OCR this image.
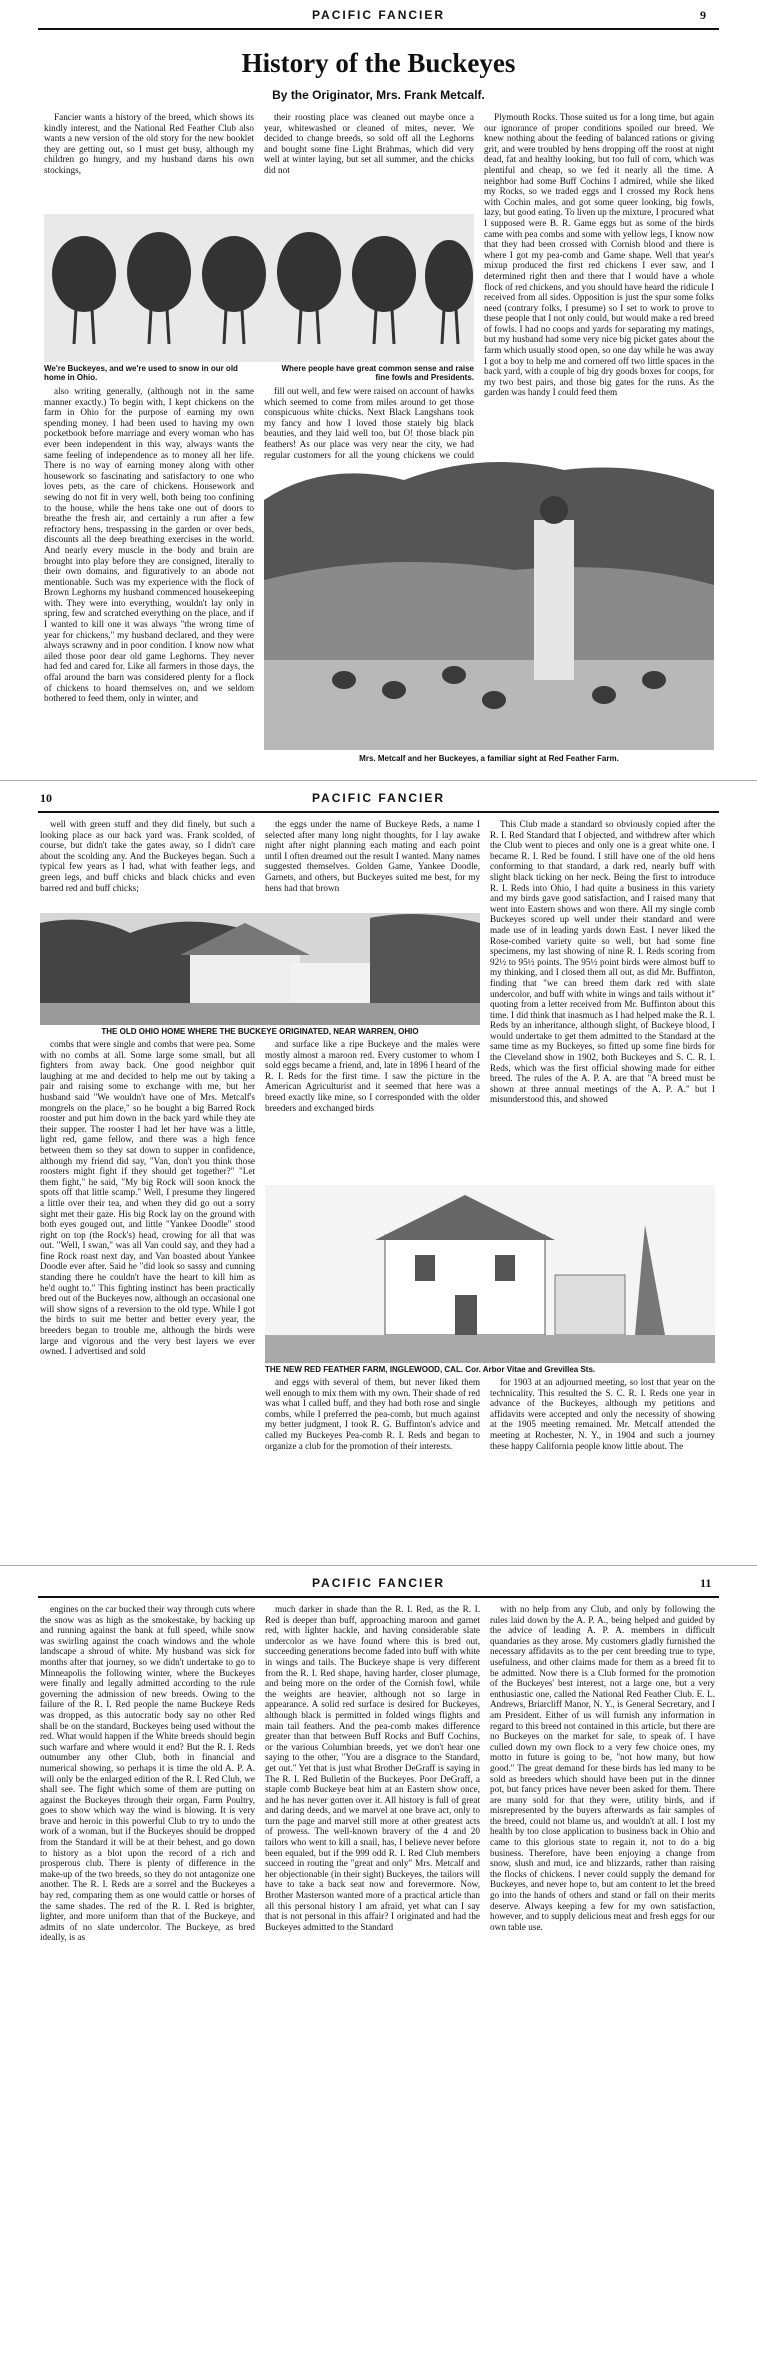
PACIFIC FANCIER	9
History of the Buckeyes
By the Originator, Mrs. Frank Metcalf.

Fancier wants a history of the breed, which shows its kindly interest, and the National Red Feather Club also wants a new version of the old story for the new booklet they are getting out, so I must get busy, although my children go hungry, and my husband darns his own stockings,

their roosting place was cleaned out maybe once a year, whitewashed or cleaned of mites, never. We decided to change breeds, so sold off all the Leghorns and bought some fine Light Brahmas, which did very well at winter laying, but set all summer, and the chicks did not

Plymouth Rocks. Those suited us for a long time, but again our ignorance of proper conditions spoiled our breed. We knew nothing about the feeding of balanced rations or giving grit, and were troubled by hens dropping off the roost at night dead, fat and healthy looking, but too full of corn, which was plentiful and cheap, so we fed it nearly all the time. A neighbor had some Buff Cochins I admired, while she liked my Rocks, so we traded eggs and I crossed my Rock hens with Cochin males, and got some queer looking, big fowls, lazy, but good eating. To liven up the mixture, I procured what I supposed were B. R. Game eggs but as some of the birds came with pea combs and some with yellow legs, I know now that they had been crossed with Cornish blood and there is where I got my pea-comb and Game shape. Well that year's mixup produced the first red chickens I ever saw, and I determined right then and there that I would have a whole flock of red chickens, and you should have heard the ridicule I received from all sides. Opposition is just the spur some folks need (contrary folks, I presume) so I set to work to prove to these people that I not only could, but would make a red breed of fowls. I had no coops and yards for separating my matings, but my husband had some very nice big picket gates about the farm which usually stood open, so one day while he was away I got a boy to help me and cornered off two little spaces in the back yard, with a couple of big dry goods boxes for coops, for my two best pairs, and those big gates for the runs. As the garden was handy I could feed them

We're Buckeyes, and we're used to snow in our old home in Ohio.
Where people have great common sense and raise fine fowls and Presidents.

also writing generally, (although not in the same manner exactly.) To begin with, I kept chickens on the farm in Ohio for the purpose of earning my own spending money. I had been used to having my own pocketbook before marriage and every woman who has ever been independent in this way, always wants the same feeling of independence as to money all her life. There is no way of earning money along with other housework so fascinating and satisfactory to one who loves pets, as the care of chickens. Housework and sewing do not fit in very well, both being too confining to the house, while the hens take one out of doors to breathe the fresh air, and certainly a run after a few refractory hens, trespassing in the garden or over beds, discounts all the deep breathing exercises in the world. And nearly every muscle in the body and brain are brought into play before they are consigned, literally to their own domains, and figuratively to an abode not mentionable. Such was my experience with the flock of Brown Leghorns my husband commenced housekeeping with. They were into everything, wouldn't lay only in spring, few and scratched everything on the place, and if I wanted to kill one it was always "the wrong time of year for chickens," my husband declared, and they were always scrawny and in poor condition. I know now what ailed those poor dear old game Leghorns. They never had fed and cared for. Like all farmers in those days, the offal around the barn was considered plenty for a flock of chickens to hoard themselves on, and we seldom bothered to feed them, only in winter, and

fill out well, and few were raised on account of hawks which seemed to come from miles around to get those conspicuous white chicks. Next Black Langshans took my fancy and how I loved those stately big black beauties, and they laid well too, but O! those black pin feathers! As our place was very near the city, we had regular customers for all the young chickens we could

Mrs. Metcalf and her Buckeyes, a familiar sight at Red Feather Farm.
10	PACIFIC FANCIER

well with green stuff and they did finely, but such a looking place as our back yard was. Frank scolded, of course, but didn't take the gates away, so I didn't care about the scolding any. And the Buckeyes began. Such a typical few years as I had, what with feather legs, and green legs, and buff chicks and black chicks and even barred red and buff chicks;

the eggs under the name of Buckeye Reds, a name I selected after many long night thoughts, for I lay awake night after night planning each mating and each point until I often dreamed out the result I wanted. Many names suggested themselves. Golden Game, Yankee Doodle, Garnets, and others, but Buckeyes suited me best, for my hens had that brown

This Club made a standard so obviously copied after the R. I. Red Standard that I objected, and withdrew after which the Club went to pieces and only one is a great white one. I became R. I. Red be found. I still have one of the old hens conforming to that standard, a dark red, nearly buff with slight black ticking on her neck. Being the first to introduce R. I. Reds into Ohio, I had quite a business in this variety and my birds gave good satisfaction, and I raised many that went into Eastern shows and won there. All my single comb Buckeyes scored up well under their standard and were made use of in leading yards down East. I never liked the Rose-combed variety quite so well, but had some fine specimens, my last showing of nine R. I. Reds scoring from 92½ to 95½ points. The 95½ point birds were almost buff to my thinking, and I closed them all out, as did Mr. Buffinton, finding that "we can breed them dark red with slate undercolor, and buff with white in wings and tails without it" quoting from a letter received from Mr. Buffinton about this time. I did think that inasmuch as I had helped make the R. I. Reds by an inheritance, although slight, of Buckeye blood, I would undertake to get them admitted to the Standard at the same time as my Buckeyes, so fitted up some fine birds for the Cleveland show in 1902, both Buckeyes and S. C. R. I. Reds, which was the first official showing made for either breed. The rules of the A. P. A. are that "A breed must be shown at three annual meetings of the A. P. A." but I misunderstood this, and showed

THE OLD OHIO HOME WHERE THE BUCKEYE ORIGINATED, NEAR WARREN, OHIO

combs that were single and combs that were pea. Some with no combs at all. Some large some small, but all fighters from away back. One good neighbor quit laughing at me and decided to help me out by taking a pair and raising some to exchange with me, but her husband said "We wouldn't have one of Mrs. Metcalf's mongrels on the place," so he bought a big Barred Rock rooster and put him down in the back yard while they ate their supper. The rooster I had let her have was a little, light red, game fellow, and there was a high fence between them so they sat down to supper in confidence, although my friend did say, "Van, don't you think those roosters might fight if they should get together?" "Let them fight," he said, "My big Rock will soon knock the spots off that little scamp." Well, I presume they lingered a little over their tea, and when they did go out a sorry sight met their gaze. His big Rock lay on the ground with both eyes gouged out, and little "Yankee Doodle" stood right on top (the Rock's) head, crowing for all that was out. "Well, I swan," was all Van could say, and they had a fine Rock roast next day, and Van boasted about Yankee Doodle ever after. Said he "did look so sassy and cunning standing there he couldn't have the heart to kill him as he'd ought to." This fighting instinct has been practically bred out of the Buckeyes now, although an occasional one will show signs of a reversion to the old type. While I got the birds to suit me better and better every year, the breeders began to trouble me, although the birds were large and vigorous and the very best layers we ever owned. I advertised and sold

and surface like a ripe Buckeye and the males were mostly almost a maroon red. Every customer to whom I sold eggs became a friend, and, late in 1896 I heard of the R. I. Reds for the first time. I saw the picture in the American Agriculturist and it seemed that here was a breed exactly like mine, so I corresponded with the older breeders and exchanged birds

THE NEW RED FEATHER FARM, INGLEWOOD, CAL. Cor. Arbor Vitae and Grevillea Sts.

and eggs with several of them, but never liked them well enough to mix them with my own. Their shade of red was what I called buff, and they had both rose and single combs, while I preferred the pea-comb, but much against my better judgment, I took R. G. Buffinton's advice and called my Buckeyes Pea-comb R. I. Reds and began to organize a club for the promotion of their interests.

for 1903 at an adjourned meeting, so lost that year on the technicality. This resulted the S. C. R. I. Reds one year in advance of the Buckeyes, although my petitions and affidavits were accepted and only the necessity of showing at the 1905 meeting remained. Mr. Metcalf attended the meeting at Rochester, N. Y., in 1904 and such a journey these happy California people know little about. The

PACIFIC FANCIER	11

engines on the car bucked their way through cuts where the snow was as high as the smokestake, by backing up and running against the bank at full speed, while snow was swirling against the coach windows and the whole landscape a shroud of white. My husband was sick for months after that journey, so we didn't undertake to go to Minneapolis the following winter, where the Buckeyes were finally and legally admitted according to the rule governing the admission of new breeds. Owing to the failure of the R. I. Red people the name Buckeye Reds was dropped, as this autocratic body say no other Red shall be on the standard, Buckeyes being used without the red. What would happen if the White breeds should begin such warfare and where would it end? But the R. I. Reds outnumber any other Club, both in financial and numerical showing, so perhaps it is time the old A. P. A. will only be the enlarged edition of the R. I. Red Club, we shall see. The fight which some of them are putting on against the Buckeyes through their organ, Farm Poultry, goes to show which way the wind is blowing. It is very brave and heroic in this powerful Club to try to undo the work of a woman, but if the Buckeyes should be dropped from the Standard it will be at their behest, and go down to history as a blot upon the record of a rich and prosperous club. There is plenty of difference in the make-up of the two breeds, so they do not antagonize one another. The R. I. Reds are a sorrel and the Buckeyes a bay red, comparing them as one would cattle or horses of the same shades. The red of the R. I. Red is brighter, lighter, and more uniform than that of the Buckeye, and admits of no slate undercolor. The Buckeye, as bred ideally, is as

much darker in shade than the R. I. Red, as the R. I. Red is deeper than buff, approaching maroon and garnet red, with lighter hackle, and having considerable slate undercolor as we have found where this is bred out, succeeding generations become faded into buff with white in wings and tails. The Buckeye shape is very different from the R. I. Red shape, having harder, closer plumage, and being more on the order of the Cornish fowl, while the weights are heavier, although not so large in appearance. A solid red surface is desired for Buckeyes, although black is permitted in folded wings flights and main tail feathers. And the pea-comb makes difference greater than that between Buff Rocks and Buff Cochins, or the various Columbian breeds, yet we don't hear one saying to the other, "You are a disgrace to the Standard, get out." Yet that is just what Brother DeGraff is saying in The R. I. Red Bulletin of the Buckeyes. Poor DeGraff, a staple comb Buckeye beat him at an Eastern show once, and he has never gotten over it. All history is full of great and daring deeds, and we marvel at one brave act, only to turn the page and marvel still more at other greatest acts of prowess. The well-known bravery of the 4 and 20 tailors who went to kill a snail, has, I believe never before been equaled, but if the 999 odd R. I. Red Club members succeed in routing the "great and only" Mrs. Metcalf and her objectionable (in their sight) Buckeyes, the tailors will have to take a back seat now and forevermore. Now, Brother Masterson wanted more of a practical article than all this personal history I am afraid, yet what can I say that is not personal in this affair? I originated and had the Buckeyes admitted to the Standard

with no help from any Club, and only by following the rules laid down by the A. P. A., being helped and guided by the advice of leading A. P. A. members in difficult quandaries as they arose. My customers gladly furnished the necessary affidavits as to the per cent breeding true to type, usefulness, and other claims made for them as a breed fit to be admitted. Now there is a Club formed for the promotion of the Buckeyes' best interest, not a large one, but a very enthusiastic one, called the National Red Feather Club. E. L. Andrews, Briarcliff Manor, N. Y., is General Secretary, and I am President. Either of us will furnish any information in regard to this breed not contained in this article, but there are no Buckeyes on the market for sale, to speak of. I have culled down my own flock to a very few choice ones, my motto in future is going to be, "not how many, but how good." The great demand for these birds has led many to be sold as breeders which should have been put in the dinner pot, but fancy prices have never been asked for them. There are many sold for that they were, utility birds, and if misrepresented by the buyers afterwards as fair samples of the breed, could not blame us, and wouldn't at all. I lost my health by too close application to business back in Ohio and came to this glorious state to regain it, not to do a big business. Therefore, have been enjoying a change from snow, slush and mud, ice and blizzards, rather than raising the flocks of chickens. I never could supply the demand for Buckeyes, and never hope to, but am content to let the breed go into the hands of others and stand or fall on their merits deserve. Always keeping a few for my own satisfaction, however, and to supply delicious meat and fresh eggs for our own table use.
